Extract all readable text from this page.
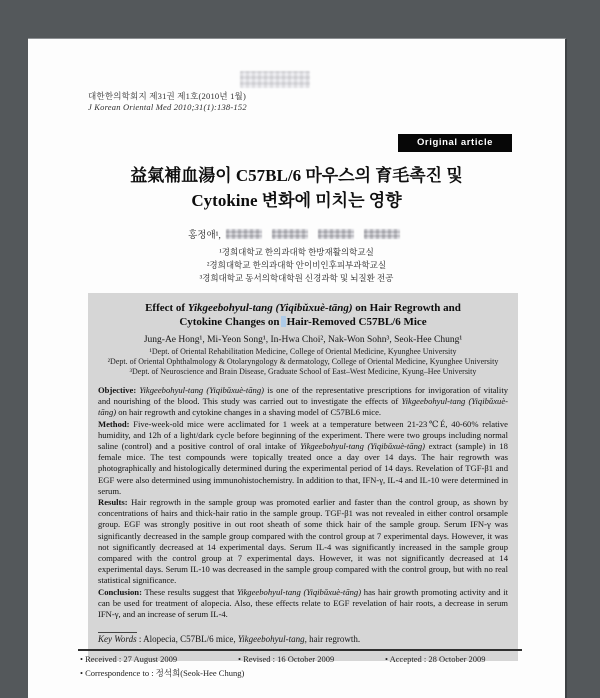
대한한의학회지 제31권 제1호(2010년 1월)
J Korean Oriental Med 2010;31(1):138-152
Original article
益氣補血湯이 C57BL/6 마우스의 育毛촉진 및
Cytokine 변화에 미치는 영향
홍정애¹,
¹경희대학교 한의과대학 한방재활의학교실
²경희대학교 한의과대학 안이비인후피부과학교실
³경희대학교 동서의학대학원 신경과학 및 뇌질환 전공
Effect of Yikgeebohyul-tang (Yiqibǔxuè-tāng) on Hair Regrowth and
Cytokine Changes on Hair-Removed C57BL/6 Mice
Jung-Ae Hong¹, Mi-Yeon Song¹, In-Hwa Choi², Nak-Won Sohn³, Seok-Hee Chung¹
¹Dept. of Oriental Rehabilitation Medicine, College of Oriental Medicine, Kyunghee University
²Dept. of Oriental Ophthalmology & Otolaryngology & dermatology, College of Oriental Medicine, Kyunghee University
³Dept. of Neuroscience and Brain Disease, Graduate School of East–West Medicine, Kyung–Hee University

Objective: Yikgeebohyul-tang (Yiqibǔxuè-tāng) is one of the representative prescriptions for invigoration of vitality and nourishing of the blood. This study was carried out to investigate the effects of Yikgeebohyul-tang (Yiqibǔxuè-tāng) on hair regrowth and cytokine changes in a shaving model of C57BL6 mice.

Method: Five-week-old mice were acclimated for 1 week at a temperature between 21-23℃É, 40-60% relative humidity, and 12h of a light/dark cycle before beginning of the experiment. There were two groups including normal saline (control) and a positive control of oral intake of Yikgeebohyul-tang (Yiqibǔxuè-tāng) extract (sample) in 18 female mice. The test compounds were topically treated once a day over 14 days. The hair regrowth was photographically and histologically determined during the experimental period of 14 days. Revelation of TGF-β1 and EGF were also determined using immunohistochemistry. In addition to that, IFN-γ, IL-4 and IL-10 were determined in serum.

Results: Hair regrowth in the sample group was promoted earlier and faster than the control group, as shown by concentrations of hairs and thick-hair ratio in the sample group. TGF-β1 was not revealed in either control orsample group. EGF was strongly positive in out root sheath of some thick hair of the sample group. Serum IFN-γ was significantly decreased in the sample group compared with the control group at 7 experimental days. However, it was not significantly decreased at 14 experimental days. Serum IL-4 was significantly increased in the sample group compared with the control group at 7 experimental days. However, it was not significantly decreased at 14 experimental days. Serum IL-10 was decreased in the sample group compared with the control group, but with no real statistical significance.

Conclusion: These results suggest that Yikgeebohyul-tang (Yiqibǔxuè-tāng) has hair growth promoting activity and it can be used for treatment of alopecia. Also, these effects relate to EGF revelation of hair roots, a decrease in serum IFN-γ, and an increase of serum IL-4.

Key Words : Alopecia, C57BL/6 mice, Yikgeebohyul-tang, hair regrowth.
• Received : 27 August 2009	• Revised : 16 October 2009	• Accepted : 28 October 2009
• Correspondence to : 정석희(Seok-Hee Chung)
